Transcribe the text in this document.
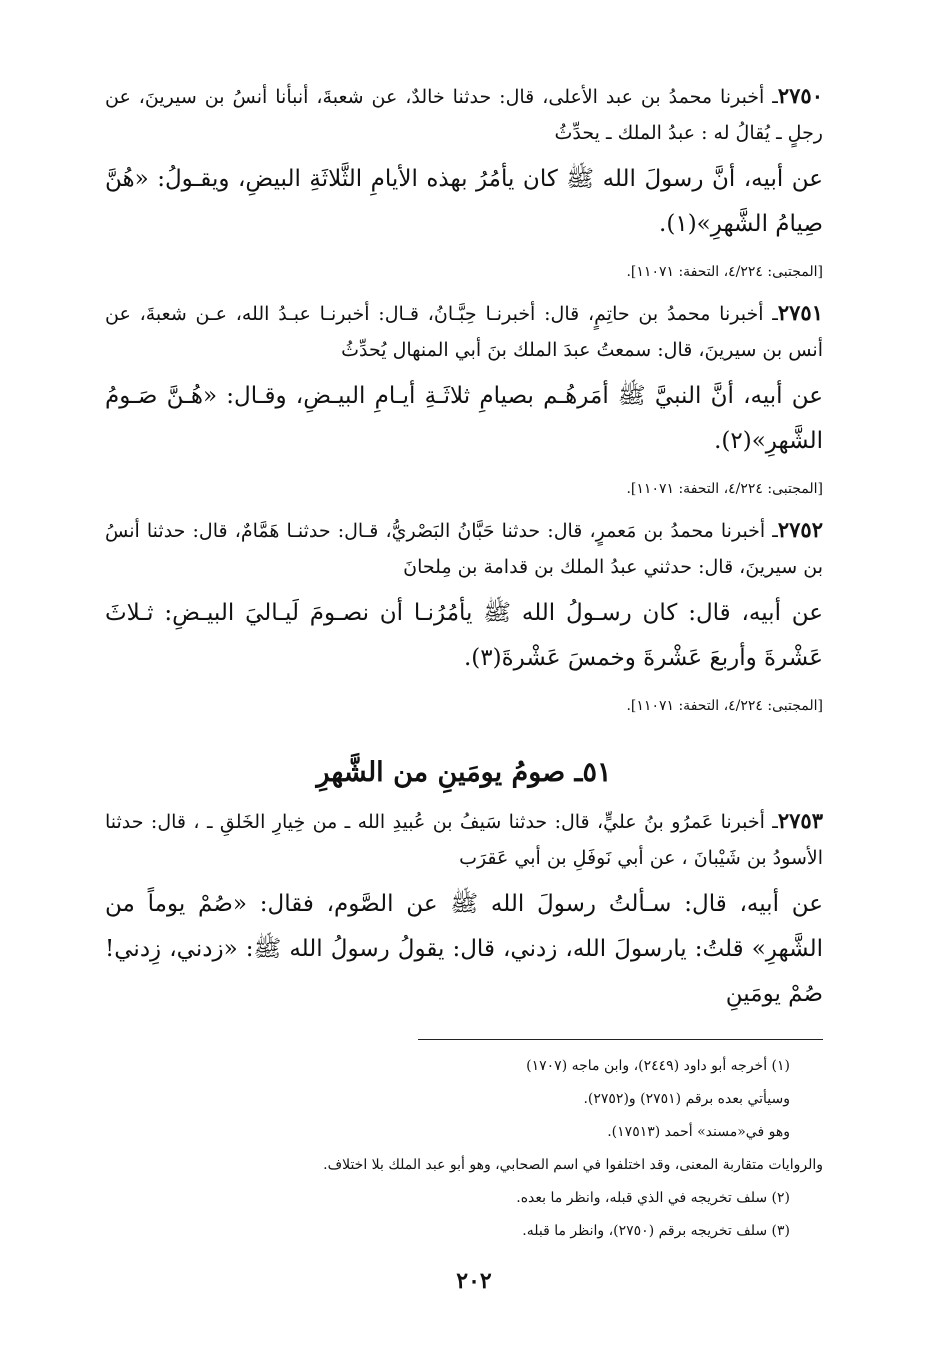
٢٧٥٠ـ أخبرنا محمدُ بن عبد الأعلى، قال: حدثنا خالدٌ، عن شعبةَ، أنبأنا أنسُ بن سيرينَ، عن رجلٍ ـ يُقالُ له : عبدُ الملك ـ يحدِّثُ

عن أبيه، أنَّ رسولَ الله ﷺ كان يأمُرُ بهذه الأيامِ الثَّلاثَةِ البيضِ، ويقـولُ: «هُنَّ صِيامُ الشَّهرِ»(١).

[المجتبى: ٤/٢٢٤، التحفة: ١١٠٧١].

٢٧٥١ـ أخبرنا محمدُ بن حاتِمٍ، قال: أخبرنـا حِبَّـانُ، قـال: أخبرنـا عبـدُ الله، عـن شعبةَ، عن أنس بن سيرينَ، قال: سمعتُ عبدَ الملك بنَ أبي المنهال يُحدِّثُ

عن أبيه، أنَّ النبيَّ ﷺ أمَرهُـم بصيامِ ثلاثَـةِ أيـامِ البيـضِ، وقـال: «هُـنَّ صَـومُ الشَّهرِ»(٢).

[المجتبى: ٤/٢٢٤، التحفة: ١١٠٧١].

٢٧٥٢ـ أخبرنا محمدُ بن مَعمرٍ، قال: حدثنا حَبَّانُ البَصْريُّ، قـال: حدثنـا هَمَّامٌ، قال: حدثنا أنسُ بن سيرينَ، قال: حدثني عبدُ الملك بن قدامة بن مِلحانَ

عن أبيه، قال: كان رسـولُ الله ﷺ يأمُرُنـا أن نصـومَ لَيـاليَ البيـضِ: ثـلاثَ عَشْرةَ وأربعَ عَشْرةَ وخمسَ عَشْرةَ(٣).

[المجتبى: ٤/٢٢٤، التحفة: ١١٠٧١].

٥١ـ صومُ يومَينِ من الشَّهرِ

٢٧٥٣ـ أخبرنا عَمرُو بنُ عليٍّ، قال: حدثنا سَيفُ بن عُبيدِ الله ـ من خِيارِ الخَلقِ ـ ، قال: حدثنا الأسودُ بن شَيْبانَ ، عن أبي نَوفَلِ بن أبي عَقرَب

عن أبيه، قال: سـألتُ رسولَ الله ﷺ عن الصَّوم، فقال: «صُمْ يوماً من الشَّهرِ» قلتُ: يارسولَ الله، زدني، قال: يقولُ رسولُ الله ﷺ: «زدني، زِدني! صُمْ يومَينِ

(١) أخرجه أبو داود (٢٤٤٩)، وابن ماجه (١٧٠٧)

وسيأتي بعده برقم (٢٧٥١) و(٢٧٥٢).

وهو في«مسند» أحمد (١٧٥١٣).

والروايات متقاربة المعنى، وقد اختلفوا في اسم الصحابي، وهو أبو عبد الملك بلا اختلاف.

(٢) سلف تخريجه في الذي قبله، وانظر ما بعده.

(٣) سلف تخريجه برقم (٢٧٥٠)، وانظر ما قبله.

٢٠٢
